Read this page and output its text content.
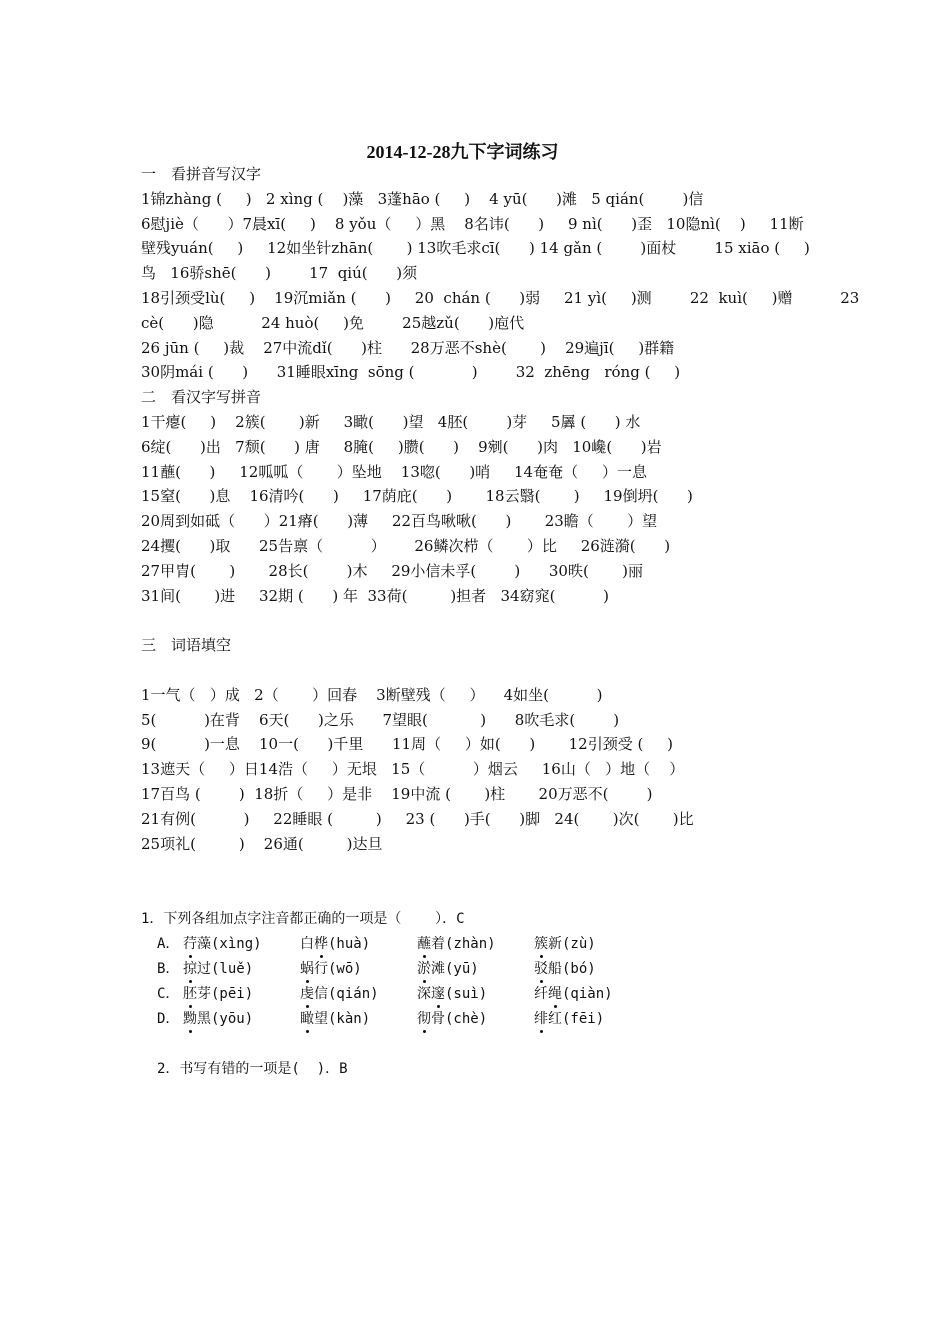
2014-12-28九下字词练习
一　看拼音写汉字
1锦zhàng (     )   2 xìng (    )藻   3蓬hāo (     )    4 yū(      )滩   5 qián(        )信
6慰jiè（      ）7晨xī(     )    8 yǒu（     ）黑    8名讳(      )     9 nì(      )歪   10隐nì(    )     11断
壁残yuán(     )     12如坐针zhān(       ) 13吹毛求cī(      ) 14 gǎn (        )面杖        15 xiāo (     )
鸟   16骄shē(      )        17  qiú(      )须
18引颈受lù(     )    19沉miǎn (      )     20  chán (      )弱     21 yì(     )测        22  kuì(     )赠          23
cè(      )隐          24 huò(     )免        25越zǔ(      )庖代
26 jūn (     )裁    27中流dǐ(      )柱      28万恶不shè(       )    29遍jī(     )群籍
30阴mái (      )      31睡眼xīng  sōng (            )        32  zhēng   róng (     )
二　看汉字写拼音
1干瘪(     )    2簇(       )新     3瞰(      )望   4胚(        )芽     5羼 (      ) 水
6绽(      )出   7颓(      ) 唐     8腌(     )臜(      )    9剜(      )肉   10巉(      )岩
11蘸(      )     12呱呱（       ）坠地    13唿(      )哨     14奄奄（     ）一息
15窒(      )息    16清吟(      )     17荫庇(      )       18云翳(       )     19倒坍(      )
20周到如砥（      ）21瘠(      )薄     22百鸟啾啾(      )       23瞻（       ）望
24攫(      )取      25告禀（          ）      26鳞次栉（       ）比     26涟漪(      )
27甲胄(       )       28长(        )木     29小信未孚(        )      30昳(       )丽
31间(       )进     32期 (      ) 年  33荷(         )担者   34窈窕(          )
三　词语填空
1一气（   ）成   2（       ）回春    3断壁残（     ）    4如坐(          )
5(          )在背    6天(      )之乐      7望眼(           )      8吹毛求(        )
9(          )一息    10一(      )千里      11周（     ）如(      )       12引颈受 (     )
13遮天（     ）日14浩（     ）无垠   15（          ）烟云     16山（   ）地（    ）
17百鸟 (        )  18折（     ）是非    19中流 (       )柱       20万恶不(        )
21有例(          )     22睡眼 (         )     23 (      )手(      )脚   24(       )次(       )比
25项礼(         )    26通(         )达旦
1．下列各组加点字注音都正确的一项是（    ）．C
A． 荇藻(xìng)	白桦(huà)	蘸着(zhàn)	簇新(zù)
B． 掠过(luě)	蜗行(wō)	淤滩(yū)	驳船(bó)
C． 胚芽(pēi)	虔信(qián)	深邃(suì)	纤绳(qiàn)
D． 黝黑(yōu)	瞰望(kàn)	彻骨(chè)	绯红(fēi)
2．书写有错的一项是(  )．B
